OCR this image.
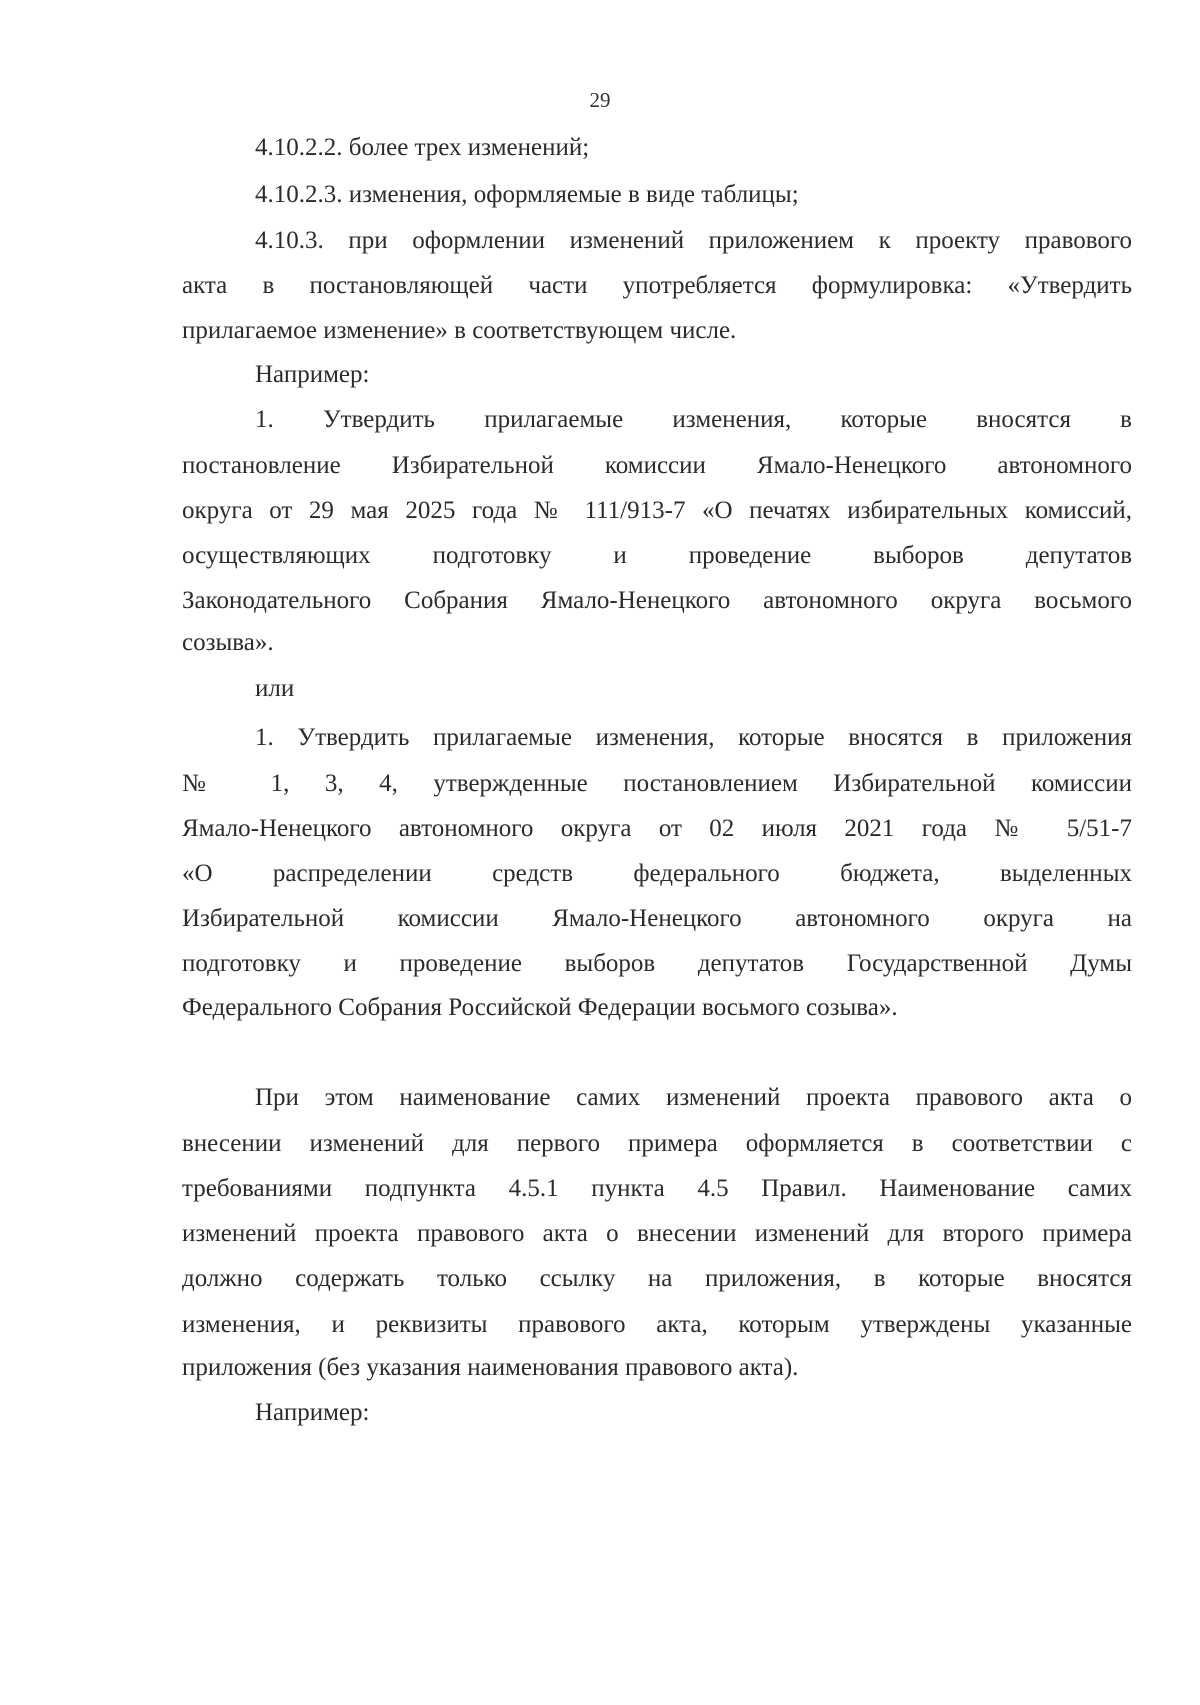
29
4.10.2.2. более трех изменений;
4.10.2.3. изменения, оформляемые в виде таблицы;
4.10.3. при оформлении изменений приложением к проекту правового
акта в постановляющей части употребляется формулировка: «Утвердить
прилагаемое изменение» в соответствующем числе.
Например:
1. Утвердить прилагаемые изменения, которые вносятся в
постановление Избирательной комиссии Ямало-Ненецкого автономного
округа от 29 мая 2025 года № 111/913-7 «О печатях избирательных комиссий,
осуществляющих подготовку и проведение выборов депутатов
Законодательного Собрания Ямало-Ненецкого автономного округа восьмого
созыва».
или
1. Утвердить прилагаемые изменения, которые вносятся в приложения
№ 1, 3, 4, утвержденные постановлением Избирательной комиссии
Ямало-Ненецкого автономного округа от 02 июля 2021 года № 5/51-7
«О распределении средств федерального бюджета, выделенных
Избирательной комиссии Ямало-Ненецкого автономного округа на
подготовку и проведение выборов депутатов Государственной Думы
Федерального Собрания Российской Федерации восьмого созыва».
При этом наименование самих изменений проекта правового акта о
внесении изменений для первого примера оформляется в соответствии с
требованиями подпункта 4.5.1 пункта 4.5 Правил. Наименование самих
изменений проекта правового акта о внесении изменений для второго примера
должно содержать только ссылку на приложения, в которые вносятся
изменения, и реквизиты правового акта, которым утверждены указанные
приложения (без указания наименования правового акта).
Например:
